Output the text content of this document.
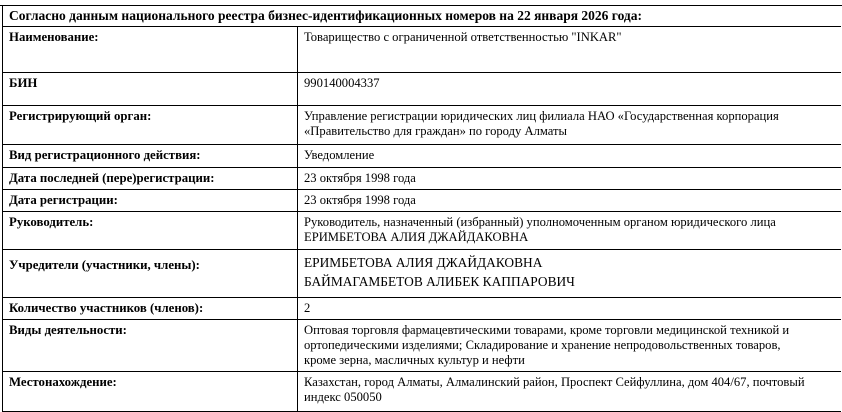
Согласно данным национального реестра бизнес-идентификационных номеров на 22 января 2026 года:
Наименование:	Товарищество с ограниченной ответственностью "INKAR"

БИН	990140004337

Регистрирующий орган:	Управление регистрации юридических лиц филиала НАО «Государственная корпорация
«Правительство для граждан» по городу Алматы

Вид регистрационного действия:	Уведомление

Дата последней (пере)регистрации:	23 октября 1998 года

Дата регистрации:	23 октября 1998 года

Руководитель:	Руководитель, назначенный (избранный) уполномоченным органом юридического лица
ЕРИМБЕТОВА АЛИЯ ДЖАЙДАКОВНА

Учредители (участники, члены):	ЕРИМБЕТОВА АЛИЯ ДЖАЙДАКОВНА
БАЙМАГАМБЕТОВ АЛИБЕК КАППАРОВИЧ

Количество участников (членов):	2

Виды деятельности:	Оптовая торговля фармацевтическими товарами, кроме торговли медицинской техникой и
ортопедическими изделиями; Складирование и хранение непродовольственных товаров,
кроме зерна, масличных культур и нефти

Местонахождение:	Казахстан, город Алматы, Алмалинский район, Проспект Сейфуллина, дом 404/67, почтовый
индекс 050050
